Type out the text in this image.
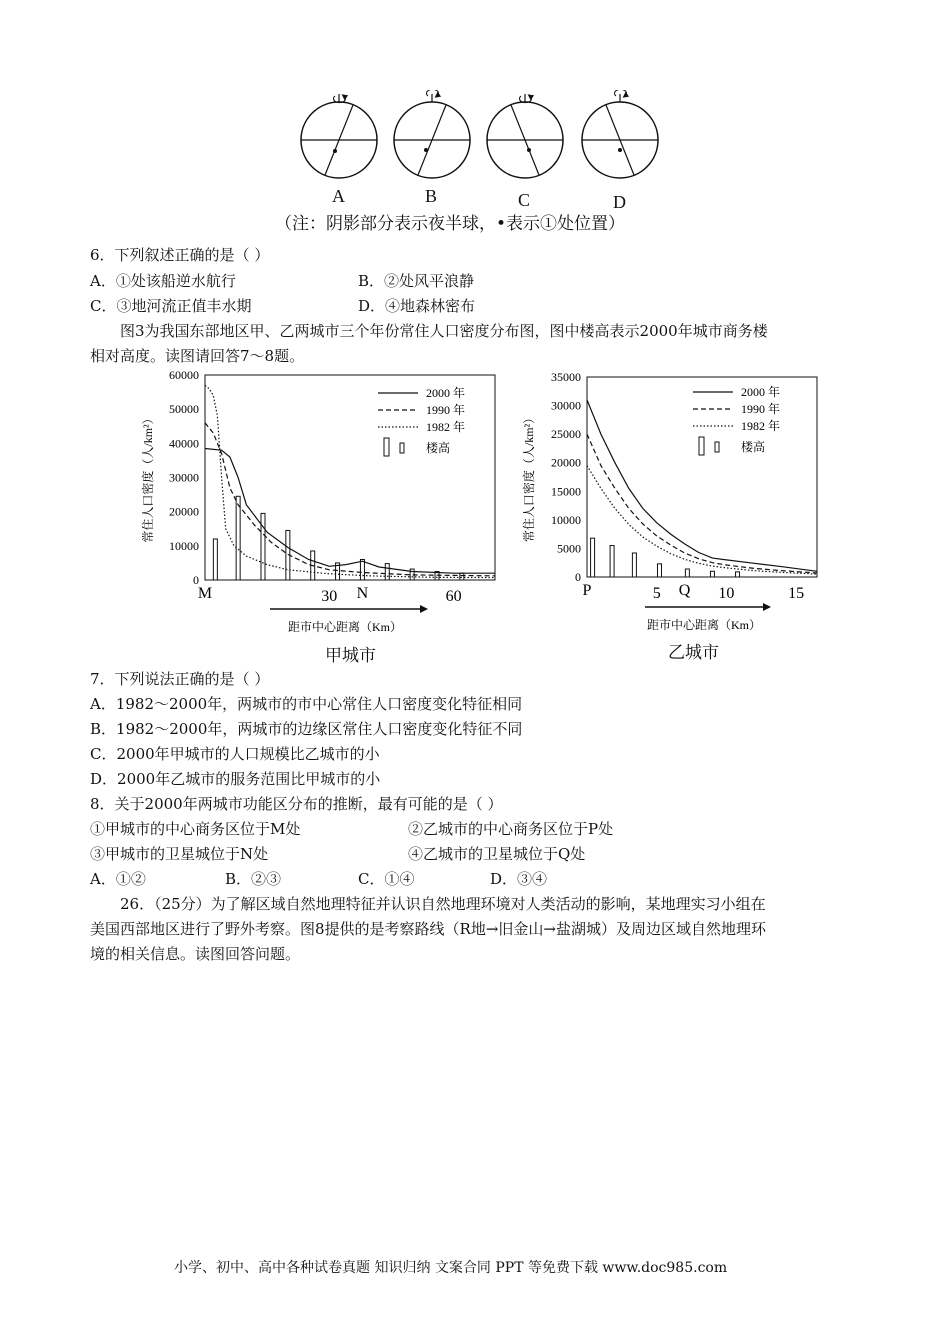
A	B	C	D
（注：阴影部分表示夜半球，•表示①处位置）
6．下列叙述正确的是（ ）
A．①处该船逆水航行	B．②处风平浪静
C．③地河流正值丰水期	D．④地森林密布
图3为我国东部地区甲、乙两城市三个年份常住人口密度分布图，图中楼高表示2000年城市商务楼
相对高度。读图请回答7～8题。
60000
50000
40000
30000
20000
10000
0
常住人口密度（人/km²）
2000 年
1990 年
1982 年
楼高
M	N
30	60
距市中心距离（Km）
35000
30000
25000
20000
15000
10000
5000
0
常住人口密度（人/km²）
2000 年
1990 年
1982 年
楼高
P	Q
5	10	15
距市中心距离（Km）
甲城市	乙城市
7．下列说法正确的是（ ）
A．1982～2000年，两城市的市中心常住人口密度变化特征相同
B．1982～2000年，两城市的边缘区常住人口密度变化特征不同
C．2000年甲城市的人口规模比乙城市的小
D．2000年乙城市的服务范围比甲城市的小
8．关于2000年两城市功能区分布的推断，最有可能的是（ ）
①甲城市的中心商务区位于M处	②乙城市的中心商务区位于P处
③甲城市的卫星城位于N处	④乙城市的卫星城位于Q处
A．①②	B．②③	C．①④	D．③④
26．（25分）为了解区域自然地理特征并认识自然地理环境对人类活动的影响，某地理实习小组在
美国西部地区进行了野外考察。图8提供的是考察路线（R地→旧金山→盐湖城）及周边区域自然地理环
境的相关信息。读图回答问题。
小学、初中、高中各种试卷真题 知识归纳 文案合同 PPT 等免费下载 www.doc985.com
